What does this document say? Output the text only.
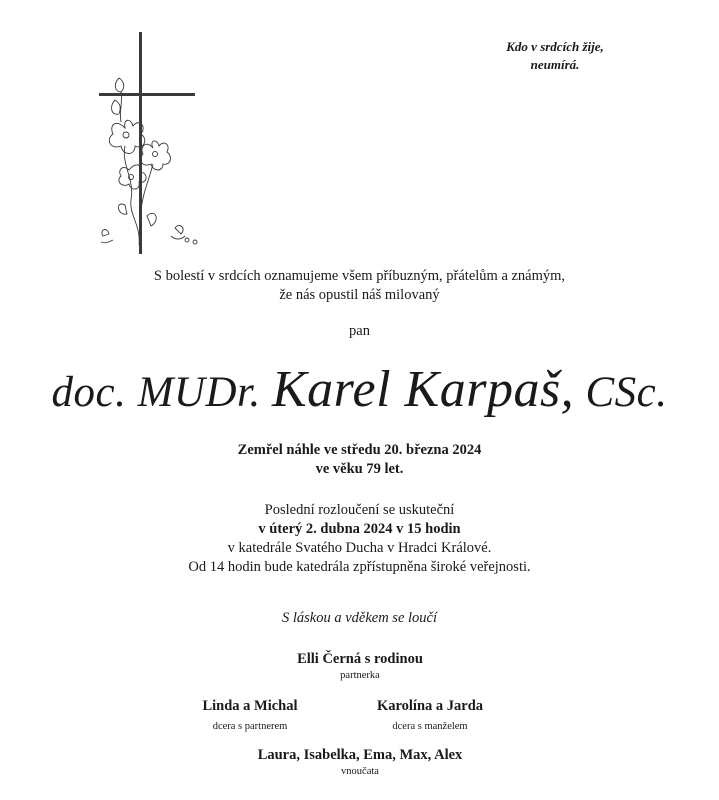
Kdo v srdcích žije,
neumírá.
S bolestí v srdcích oznamujeme všem příbuzným, přátelům a známým,
že nás opustil náš milovaný
pan
doc. MUDr. Karel Karpaš, CSc.
Zemřel náhle ve středu 20. března 2024
ve věku 79 let.
Poslední rozloučení se uskuteční
v úterý 2. dubna 2024 v 15 hodin
v katedrále Svatého Ducha v Hradci Králové.
Od 14 hodin bude katedrála zpřístupněna široké veřejnosti.
S láskou a vděkem se loučí
Elli Černá s rodinou
partnerka
Linda a Michal
dcera s partnerem
Karolína a Jarda
dcera s manželem
Laura, Isabelka, Ema, Max, Alex
vnoučata
